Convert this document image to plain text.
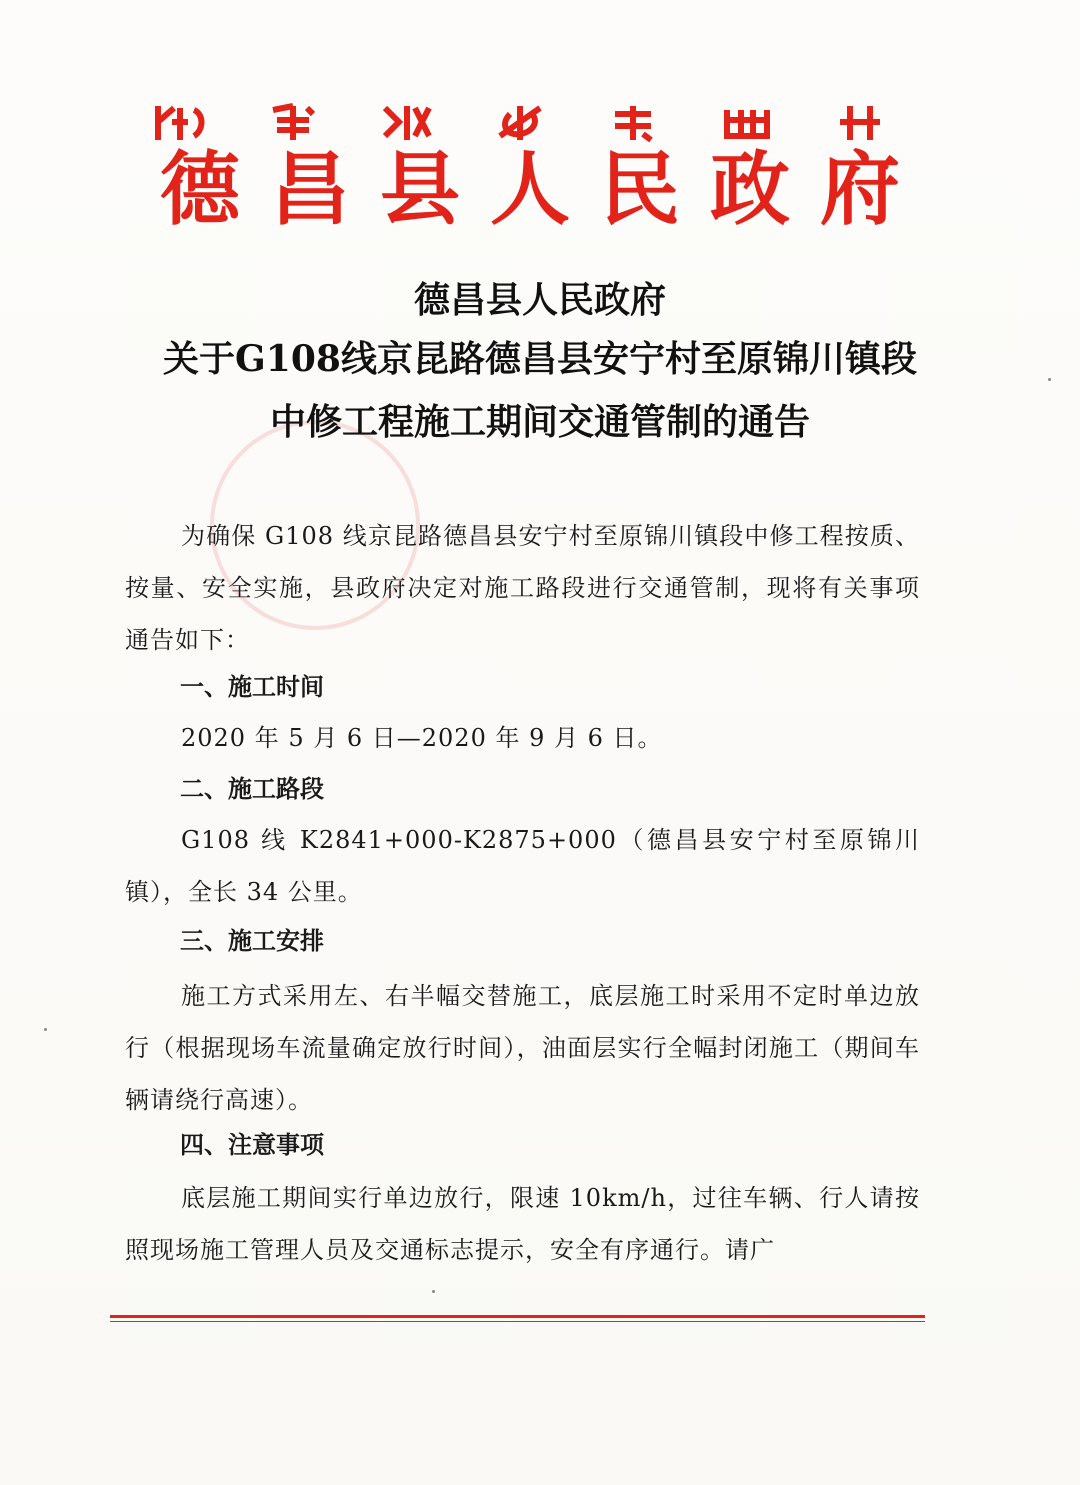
德 昌 县 人 民 政 府
德昌县人民政府
关于G108线京昆路德昌县安宁村至原锦川镇段
中修工程施工期间交通管制的通告
为确保 G108 线京昆路德昌县安宁村至原锦川镇段中修工程按质、按量、安全实施，县政府决定对施工路段进行交通管制，现将有关事项通告如下：
一、施工时间
2020 年 5 月 6 日—2020 年 9 月 6 日。
二、施工路段
G108 线 K2841+000-K2875+000（德昌县安宁村至原锦川镇），全长 34 公里。
三、施工安排
施工方式采用左、右半幅交替施工，底层施工时采用不定时单边放行（根据现场车流量确定放行时间），油面层实行全幅封闭施工（期间车辆请绕行高速）。
四、注意事项
底层施工期间实行单边放行，限速 10km/h，过往车辆、行人请按照现场施工管理人员及交通标志提示，安全有序通行。请广
